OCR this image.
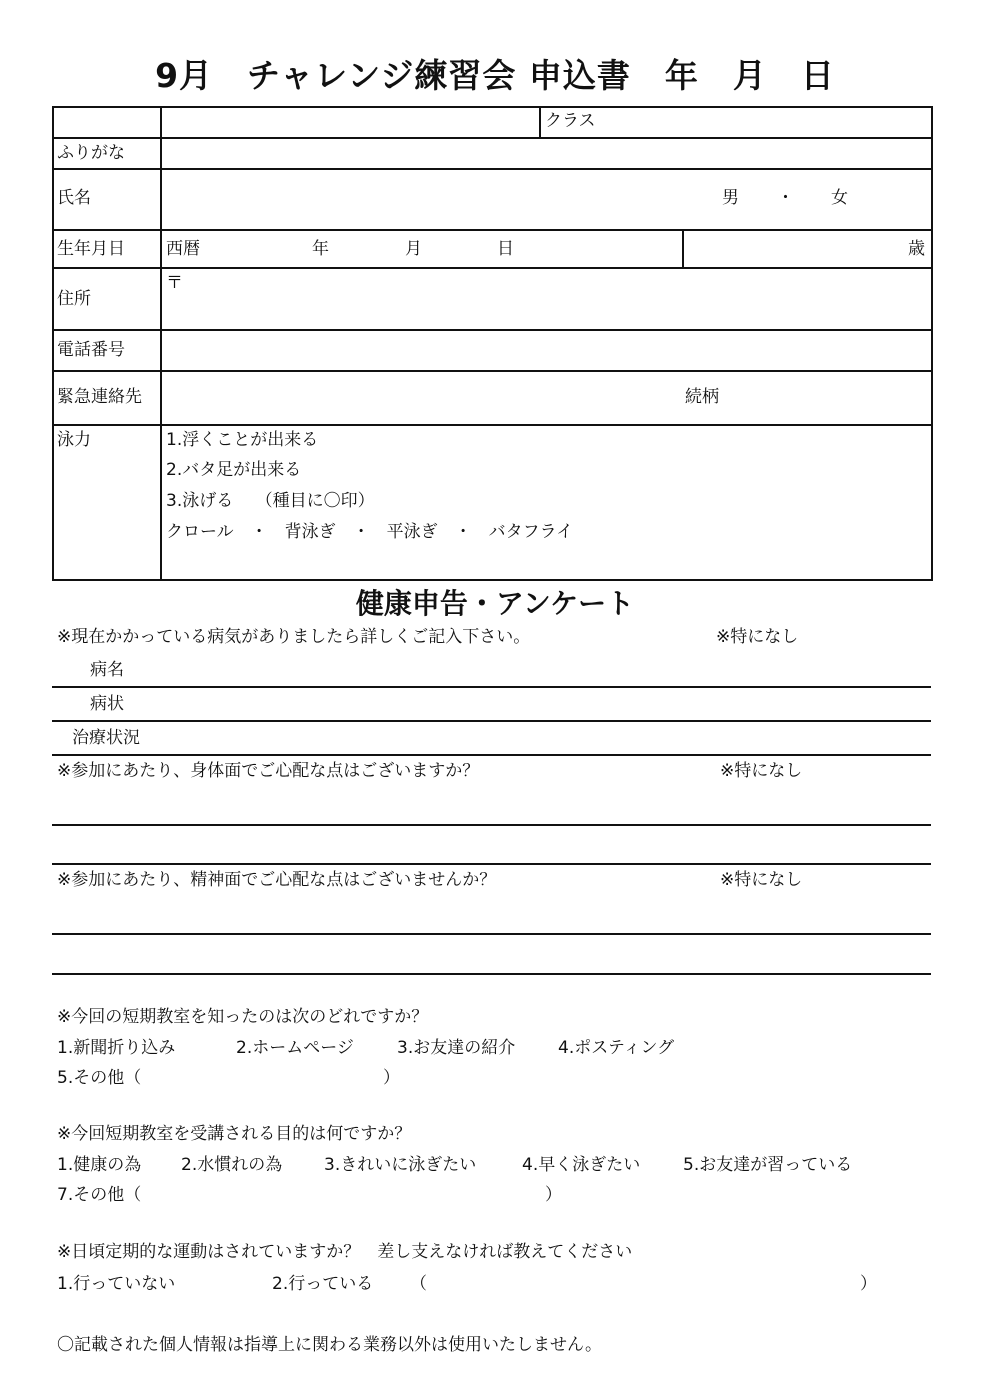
9月　チャレンジ練習会 申込書　年　月　日
クラス
ふりがな
氏名	男 ・ 女
生年月日 西暦	年	月	日	歳
住所
〒
電話番号
緊急連絡先	続柄
泳力	1.浮くことが出来る
2.バタ足が出来る
3.泳げる　 （種目に〇印）
クロール　・　背泳ぎ　・　平泳ぎ　・　バタフライ
健康申告・アンケート
※現在かかっている病気がありましたら詳しくご記入下さい。	※特になし
病名
病状
治療状況
※参加にあたり、身体面でご心配な点はございますか？	※特になし
※参加にあたり、精神面でご心配な点はございませんか？	※特になし
※今回の短期教室を知ったのは次のどれですか？
1.新聞折り込み	2.ホームページ	3.お友達の紹介	4.ポスティング
5.その他（	）
※今回短期教室を受講される目的は何ですか？
1.健康の為 2.水慣れの為 3.きれいに泳ぎたい	4.早く泳ぎたい	5.お友達が習っている
7.その他（	）
※日頃定期的な運動はされていますか？　差し支えなければ教えてください
1.行っていない	2.行っている （	）
〇記載された個人情報は指導上に関わる業務以外は使用いたしません。
